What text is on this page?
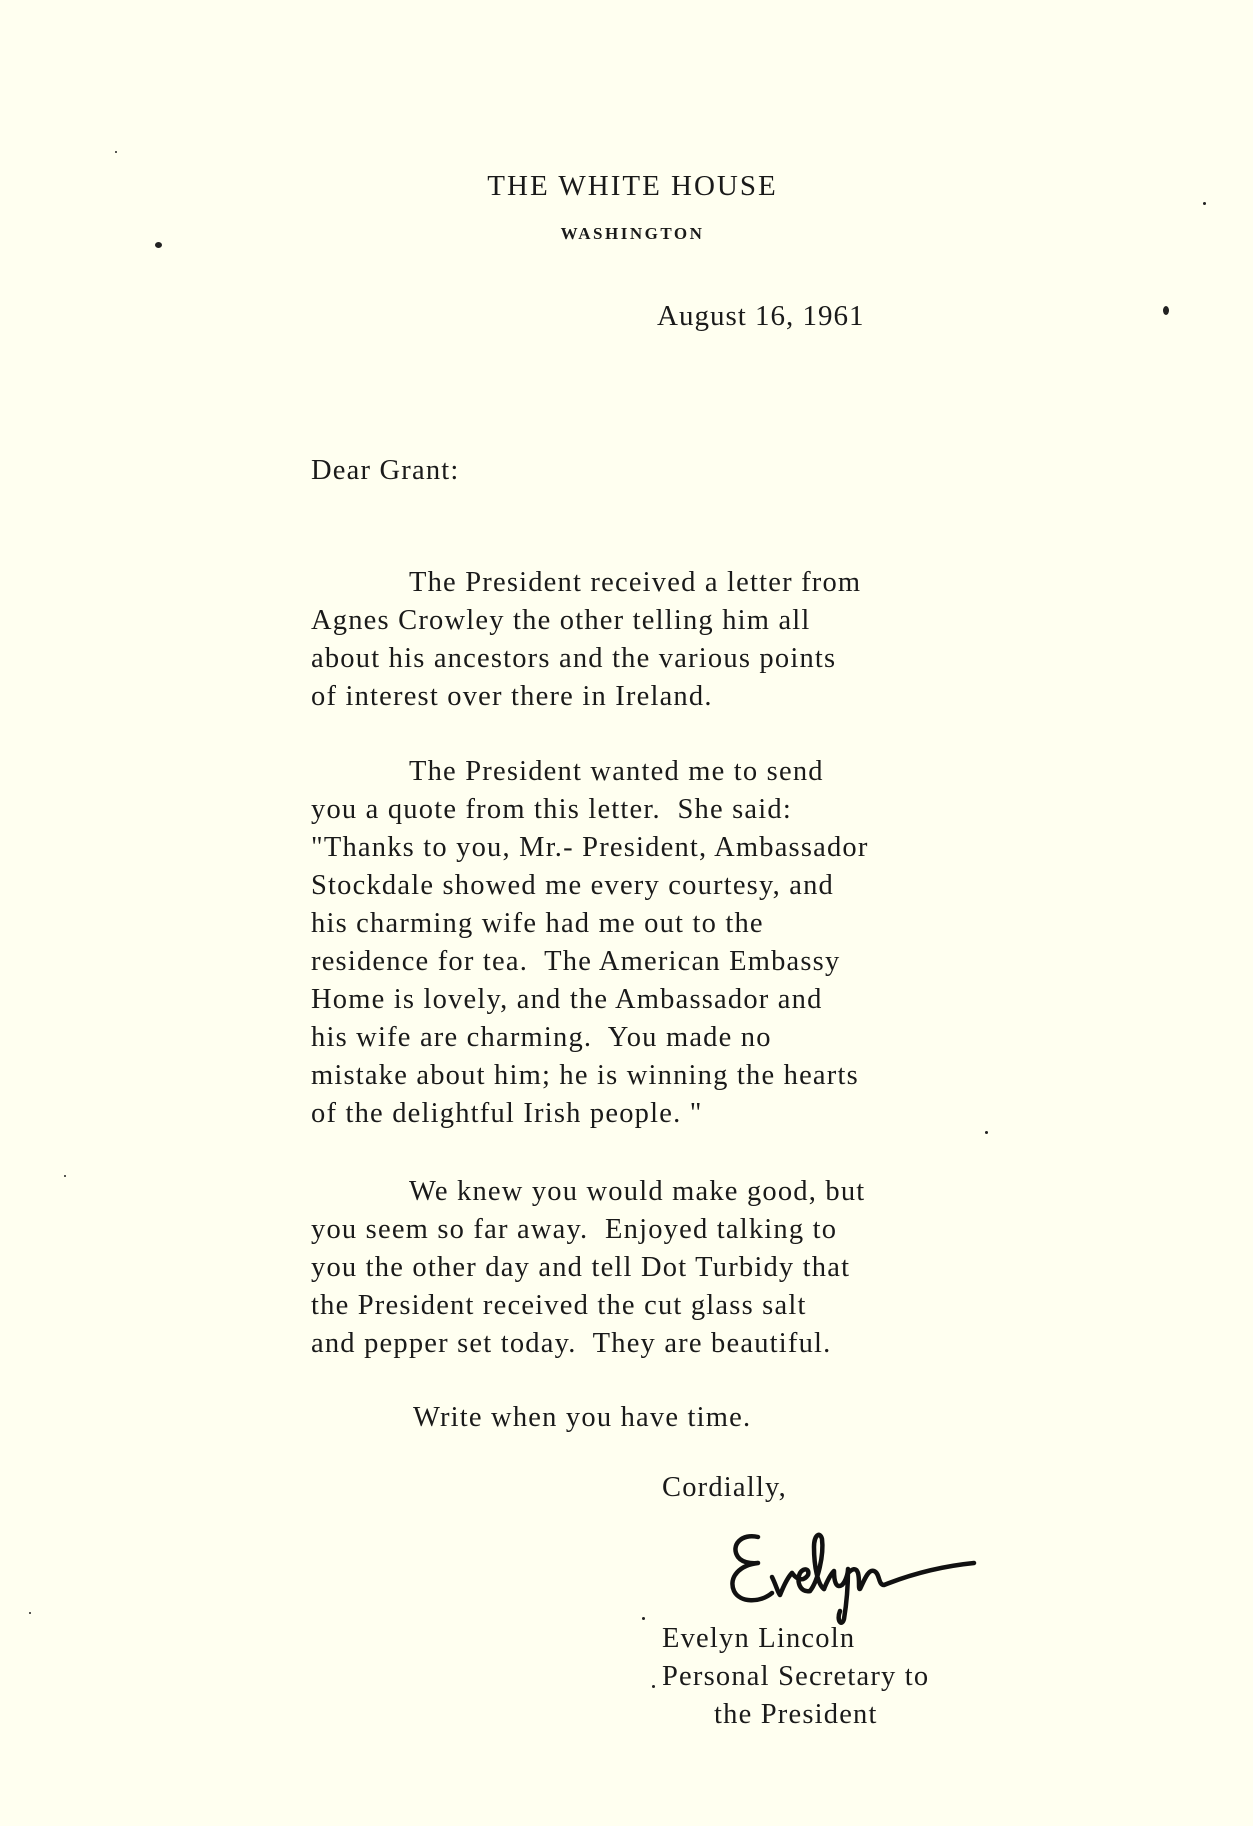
THE WHITE HOUSE
WASHINGTON
August 16, 1961
Dear Grant:
The President received a letter from
Agnes Crowley the other telling him all
about his ancestors and the various points
of interest over there in Ireland.
The President wanted me to send
you a quote from this letter.  She said:
"Thanks to you, Mr.- President, Ambassador
Stockdale showed me every courtesy, and
his charming wife had me out to the
residence for tea.  The American Embassy
Home is lovely, and the Ambassador and
his wife are charming.  You made no
mistake about him; he is winning the hearts
of the delightful Irish people. "
We knew you would make good, but
you seem so far away.  Enjoyed talking to
you the other day and tell Dot Turbidy that
the President received the cut glass salt
and pepper set today.  They are beautiful.
Write when you have time.
Cordially,
Evelyn Lincoln
Personal Secretary to
the President
